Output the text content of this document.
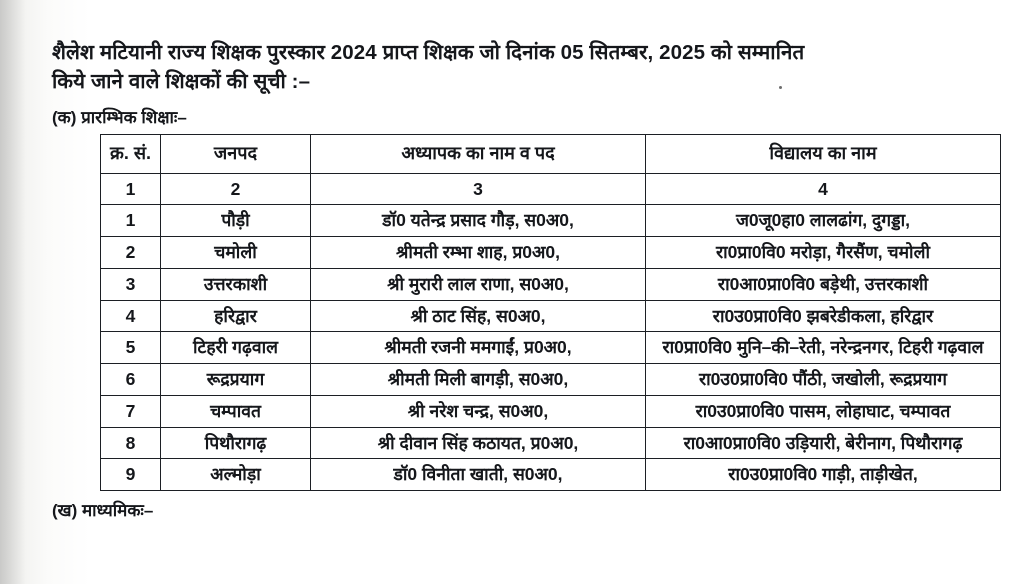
शैलेश मटियानी राज्य शिक्षक पुरस्कार 2024 प्राप्त शिक्षक जो दिनांक 05 सितम्बर, 2025 को सम्मानित
किये जाने वाले शिक्षकों की सूची :–
(क) प्रारम्भिक शिक्षाः–
क्र. सं.	जनपद	अध्यापक का नाम व पद	विद्यालय का नाम
1	2	3	4
1	पौड़ी	डॉ0 यतेन्द्र प्रसाद गौड़, स0अ0,	ज0जू0हा0 लालढांग, दुगड्डा,
2	चमोली	श्रीमती रम्भा शाह, प्र0अ0,	रा0प्रा0वि0 मरोड़ा, गैरसैंण, चमोली
3	उत्तरकाशी	श्री मुरारी लाल राणा, स0अ0,	रा0आ0प्रा0वि0 बड़ेथी, उत्तरकाशी
4	हरिद्वार	श्री ठाट सिंह, स0अ0,	रा0उ0प्रा0वि0 झबरेडीकला, हरिद्वार
5	टिहरी गढ़वाल	श्रीमती रजनी ममगाईं, प्र0अ0,	रा0प्रा0वि0 मुनि–की–रेती, नरेन्द्रनगर, टिहरी गढ़वाल
6	रूद्रप्रयाग	श्रीमती मिली बागड़ी, स0अ0,	रा0उ0प्रा0वि0 पौंठी, जखोली, रूद्रप्रयाग
7	चम्पावत	श्री नरेश चन्द्र, स0अ0,	रा0उ0प्रा0वि0 पासम, लोहाघाट, चम्पावत
8	पिथौरागढ़	श्री दीवान सिंह कठायत, प्र0अ0,	रा0आ0प्रा0वि0 उड़ियारी, बेरीनाग, पिथौरागढ़
9	अल्मोड़ा	डॉ0 विनीता खाती, स0अ0,	रा0उ0प्रा0वि0 गाड़ी, ताड़ीखेत,
(ख) माध्यमिकः–
